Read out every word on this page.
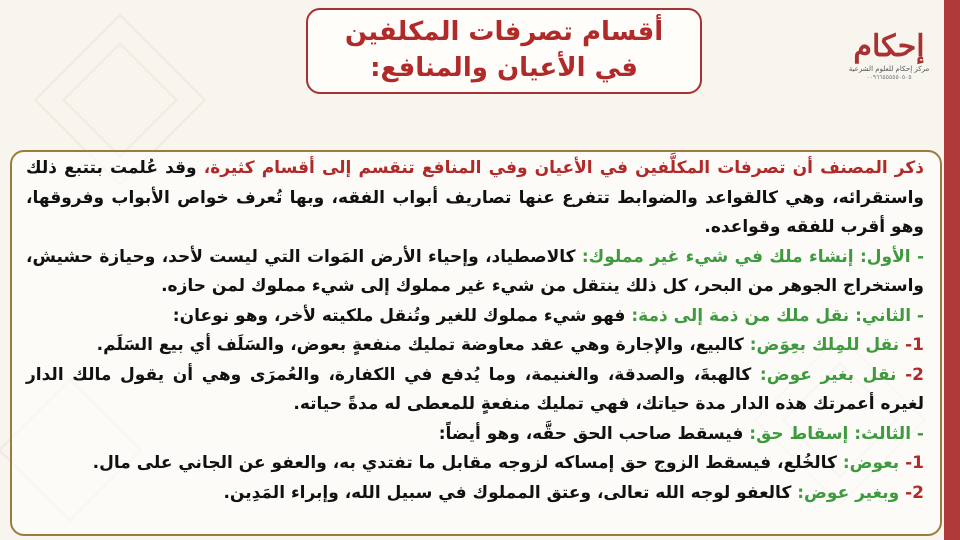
إحكام
مركز إحكام للعلوم الشرعية
٠٠٩٦٦٥٥٥٥٥٠٥٠٥
أقسام تصرفات المكلفين
في الأعيان والمنافع:

ذكر المصنف أن تصرفات المكلَّفين في الأعيان وفي المنافع تنقسم إلى أقسام كثيرة، وقد عُلمت بتتبع ذلك واستقرائه، وهي كالقواعد والضوابط تتفرع عنها تصاريف أبواب الفقه، وبها تُعرف خواص الأبواب وفروقها، وهو أقرب للفقه وقواعده.

- الأول: إنشاء ملك في شيء غير مملوك: كالاصطياد، وإحياء الأرض المَوات التي ليست لأحد، وحيازة حشيش، واستخراج الجوهر من البحر، كل ذلك ينتقل من شيء غير مملوك إلى شيء مملوك لمن حازه.

- الثاني: نقل ملك من ذمة إلى ذمة: فهو شيء مملوك للغير وتُنقل ملكيته لأخر، وهو نوعان:

1- نقل للمِلك بعِوَض: كالبيع، والإجارة وهي عقد معاوضة تمليك منفعةٍ بعوض، والسَلَف أي بيع السَلَم.

2- نقل بغير عوض: كالهبةَ، والصدقة، والغنيمة، وما يُدفع في الكفارة، والعُمرَى وهي أن يقول مالك الدار لغيره أعمرتك هذه الدار مدة حياتك، فهي تمليك منفعةٍ للمعطى له مدةً حياته.

- الثالث: إسقاط حق: فيسقط صاحب الحق حقَّه، وهو أيضاً:

1- بعوض: كالخُلع، فيسقط الزوج حق إمساكه لزوجه مقابل ما تفتدي به، والعفو عن الجاني على مال.

2- وبغير عوض: كالعفو لوجه الله تعالى، وعتق المملوك في سبيل الله، وإبراء المَدِين.
